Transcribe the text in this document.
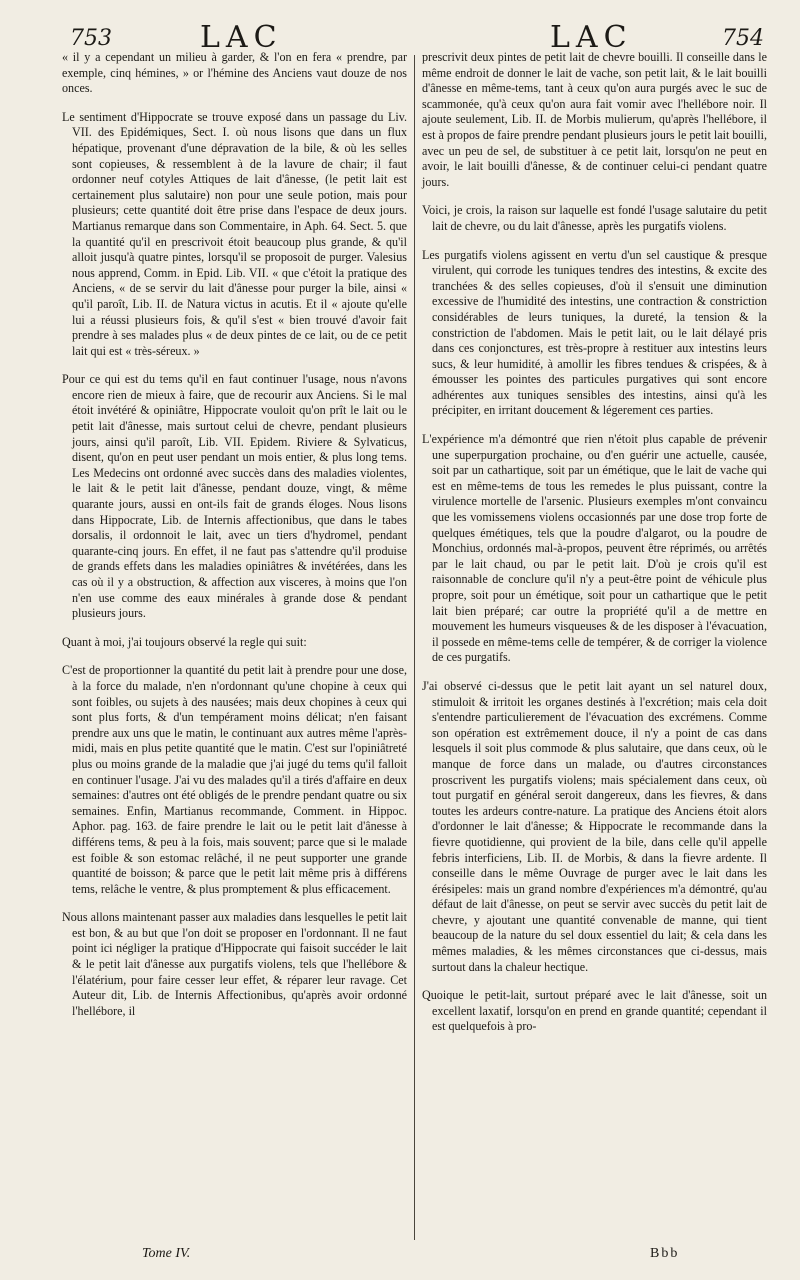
753	LAC	LAC	754

« il y a cependant un milieu à garder, & l'on en fera « prendre, par exemple, cinq hémines, » or l'hémine des Anciens vaut douze de nos onces.

Le sentiment d'Hippocrate se trouve exposé dans un passage du Liv. VII. des Epidémiques, Sect. I. où nous lisons que dans un flux hépatique, provenant d'une dépravation de la bile, & où les selles sont copieuses, & ressemblent à de la lavure de chair; il faut ordonner neuf cotyles Attiques de lait d'ânesse, (le petit lait est certainement plus salutaire) non pour une seule potion, mais pour plusieurs; cette quantité doit être prise dans l'espace de deux jours. Martianus remarque dans son Commentaire, in Aph. 64. Sect. 5. que la quantité qu'il en prescrivoit étoit beaucoup plus grande, & qu'il alloit jusqu'à quatre pintes, lorsqu'il se proposoit de purger. Valesius nous apprend, Comm. in Epid. Lib. VII. « que c'étoit la pratique des Anciens, « de se servir du lait d'ânesse pour purger la bile, ainsi « qu'il paroît, Lib. II. de Natura victus in acutis. Et il « ajoute qu'elle lui a réussi plusieurs fois, & qu'il s'est « bien trouvé d'avoir fait prendre à ses malades plus « de deux pintes de ce lait, ou de ce petit lait qui est « très-séreux. »

Pour ce qui est du tems qu'il en faut continuer l'usage, nous n'avons encore rien de mieux à faire, que de recourir aux Anciens. Si le mal étoit invétéré & opiniâtre, Hippocrate vouloit qu'on prît le lait ou le petit lait d'ânesse, mais surtout celui de chevre, pendant plusieurs jours, ainsi qu'il paroît, Lib. VII. Epidem. Riviere & Sylvaticus, disent, qu'on en peut user pendant un mois entier, & plus long tems. Les Medecins ont ordonné avec succès dans des maladies violentes, le lait & le petit lait d'ânesse, pendant douze, vingt, & même quarante jours, aussi en ont-ils fait de grands éloges. Nous lisons dans Hippocrate, Lib. de Internis affectionibus, que dans le tabes dorsalis, il ordonnoit le lait, avec un tiers d'hydromel, pendant quarante-cinq jours. En effet, il ne faut pas s'attendre qu'il produise de grands effets dans les maladies opiniâtres & invétérées, dans les cas où il y a obstruction, & affection aux visceres, à moins que l'on n'en use comme des eaux minérales à grande dose & pendant plusieurs jours.

Quant à moi, j'ai toujours observé la regle qui suit:

C'est de proportionner la quantité du petit lait à prendre pour une dose, à la force du malade, n'en n'ordonnant qu'une chopine à ceux qui sont foibles, ou sujets à des nausées; mais deux chopines à ceux qui sont plus forts, & d'un tempérament moins délicat; n'en faisant prendre aux uns que le matin, le continuant aux autres même l'après-midi, mais en plus petite quantité que le matin. C'est sur l'opiniâtreté plus ou moins grande de la maladie que j'ai jugé du tems qu'il falloit en continuer l'usage. J'ai vu des malades qu'il a tirés d'affaire en deux semaines: d'autres ont été obligés de le prendre pendant quatre ou six semaines. Enfin, Martianus recommande, Comment. in Hippoc. Aphor. pag. 163. de faire prendre le lait ou le petit lait d'ânesse à différens tems, & peu à la fois, mais souvent; parce que si le malade est foible & son estomac relâché, il ne peut supporter une grande quantité de boisson; & parce que le petit lait même pris à différens tems, relâche le ventre, & plus promptement & plus efficacement.

Nous allons maintenant passer aux maladies dans lesquelles le petit lait est bon, & au but que l'on doit se proposer en l'ordonnant. Il ne faut point ici négliger la pratique d'Hippocrate qui faisoit succéder le lait & le petit lait d'ânesse aux purgatifs violens, tels que l'hellébore & l'élatérium, pour faire cesser leur effet, & réparer leur ravage. Cet Auteur dit, Lib. de Internis Affectionibus, qu'après avoir ordonné l'hellébore, il

prescrivit deux pintes de petit lait de chevre bouilli. Il conseille dans le même endroit de donner le lait de vache, son petit lait, & le lait bouilli d'ânesse en même-tems, tant à ceux qu'on aura purgés avec le suc de scammonée, qu'à ceux qu'on aura fait vomir avec l'hellébore noir. Il ajoute seulement, Lib. II. de Morbis mulierum, qu'après l'hellébore, il est à propos de faire prendre pendant plusieurs jours le petit lait bouilli, avec un peu de sel, de substituer à ce petit lait, lorsqu'on ne peut en avoir, le lait bouilli d'ânesse, & de continuer celui-ci pendant quatre jours.

Voici, je crois, la raison sur laquelle est fondé l'usage salutaire du petit lait de chevre, ou du lait d'ânesse, après les purgatifs violens.

Les purgatifs violens agissent en vertu d'un sel caustique & presque virulent, qui corrode les tuniques tendres des intestins, & excite des tranchées & des selles copieuses, d'où il s'ensuit une diminution excessive de l'humidité des intestins, une contraction & constriction considérables de leurs tuniques, la dureté, la tension & la constriction de l'abdomen. Mais le petit lait, ou le lait délayé pris dans ces conjonctures, est très-propre à restituer aux intestins leurs sucs, & leur humidité, à amollir les fibres tendues & crispées, & à émousser les pointes des particules purgatives qui sont encore adhérentes aux tuniques sensibles des intestins, ainsi qu'à les précipiter, en irritant doucement & légerement ces parties.

L'expérience m'a démontré que rien n'étoit plus capable de prévenir une superpurgation prochaine, ou d'en guérir une actuelle, causée, soit par un cathartique, soit par un émétique, que le lait de vache qui est en même-tems de tous les remedes le plus puissant, contre la virulence mortelle de l'arsenic. Plusieurs exemples m'ont convaincu que les vomissemens violens occasionnés par une dose trop forte de quelques émétiques, tels que la poudre d'algarot, ou la poudre de Monchius, ordonnés mal-à-propos, peuvent être réprimés, ou arrêtés par le lait chaud, ou par le petit lait. D'où je crois qu'il est raisonnable de conclure qu'il n'y a peut-être point de véhicule plus propre, soit pour un émétique, soit pour un cathartique que le petit lait bien préparé; car outre la propriété qu'il a de mettre en mouvement les humeurs visqueuses & de les disposer à l'évacuation, il possede en même-tems celle de tempérer, & de corriger la violence de ces purgatifs.

J'ai observé ci-dessus que le petit lait ayant un sel naturel doux, stimuloit & irritoit les organes destinés à l'excrétion; mais cela doit s'entendre particulierement de l'évacuation des excrémens. Comme son opération est extrêmement douce, il n'y a point de cas dans lesquels il soit plus commode & plus salutaire, que dans ceux, où le manque de force dans un malade, ou d'autres circonstances proscrivent les purgatifs violens; mais spécialement dans ceux, où tout purgatif en général seroit dangereux, dans les fievres, & dans toutes les ardeurs contre-nature. La pratique des Anciens étoit alors d'ordonner le lait d'ânesse; & Hippocrate le recommande dans la fievre quotidienne, qui provient de la bile, dans celle qu'il appelle febris interficiens, Lib. II. de Morbis, & dans la fievre ardente. Il conseille dans le même Ouvrage de purger avec le lait dans les érésipeles: mais un grand nombre d'expériences m'a démontré, qu'au défaut de lait d'ânesse, on peut se servir avec succès du petit lait de chevre, y ajoutant une quantité convenable de manne, qui tient beaucoup de la nature du sel doux essentiel du lait; & cela dans les mêmes maladies, & les mêmes circonstances que ci-dessus, mais surtout dans la chaleur hectique.

Quoique le petit-lait, surtout préparé avec le lait d'ânesse, soit un excellent laxatif, lorsqu'on en prend en grande quantité; cependant il est quelquefois à pro-

Tome IV.	Bbb
